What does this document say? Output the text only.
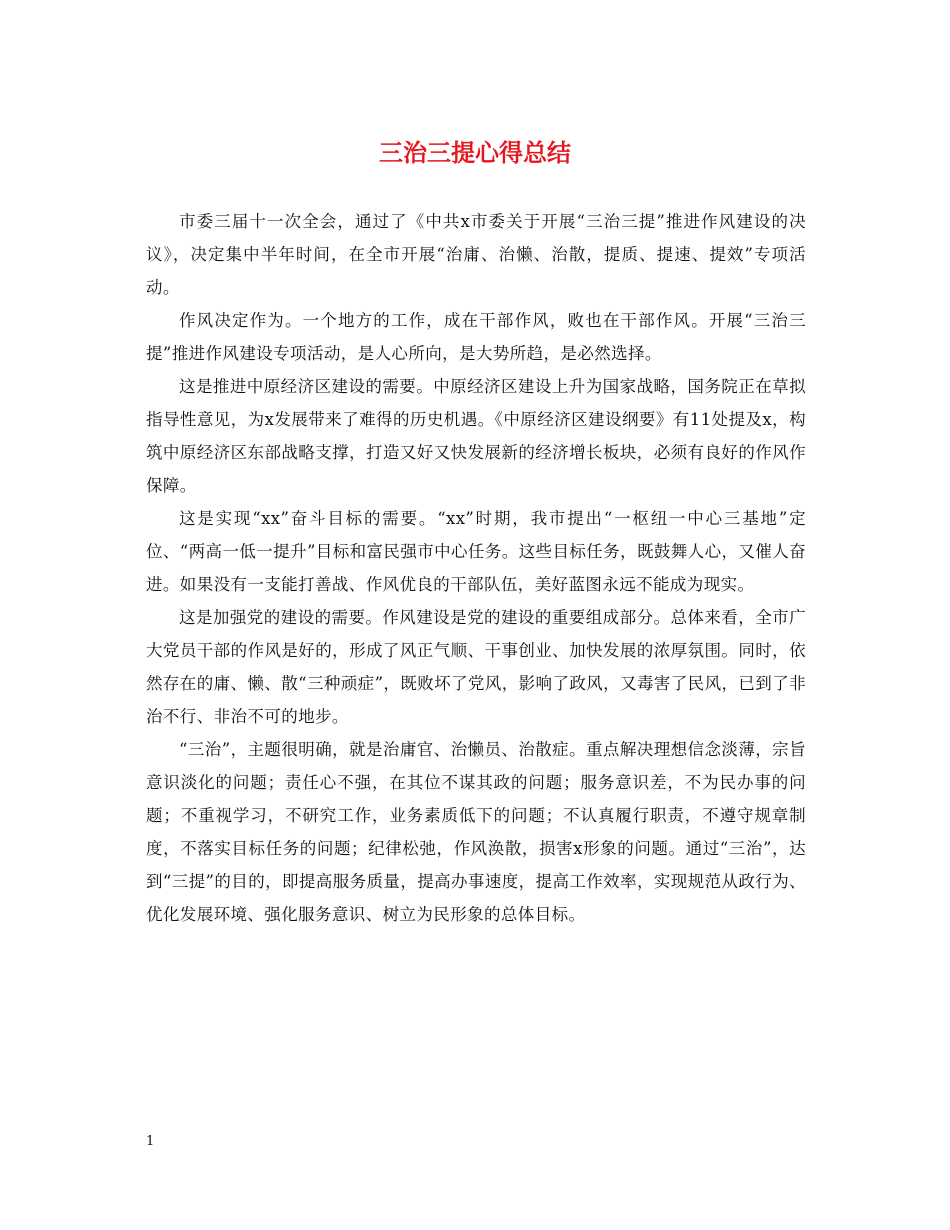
三治三提心得总结

市委三届十一次全会，通过了《中共x市委关于开展“三治三提”推进作风建设的决议》，决定集中半年时间，在全市开展“治庸、治懒、治散，提质、提速、提效”专项活动。

作风决定作为。一个地方的工作，成在干部作风，败也在干部作风。开展“三治三提”推进作风建设专项活动，是人心所向，是大势所趋，是必然选择。

这是推进中原经济区建设的需要。中原经济区建设上升为国家战略，国务院正在草拟指导性意见，为x发展带来了难得的历史机遇。《中原经济区建设纲要》有11处提及x，构筑中原经济区东部战略支撑，打造又好又快发展新的经济增长板块，必须有良好的作风作保障。

这是实现“xx”奋斗目标的需要。“xx”时期，我市提出“一枢纽一中心三基地”定位、“两高一低一提升”目标和富民强市中心任务。这些目标任务，既鼓舞人心，又催人奋进。如果没有一支能打善战、作风优良的干部队伍，美好蓝图永远不能成为现实。

这是加强党的建设的需要。作风建设是党的建设的重要组成部分。总体来看，全市广大党员干部的作风是好的，形成了风正气顺、干事创业、加快发展的浓厚氛围。同时，依然存在的庸、懒、散“三种顽症”，既败坏了党风，影响了政风，又毒害了民风，已到了非治不行、非治不可的地步。

“三治”，主题很明确，就是治庸官、治懒员、治散症。重点解决理想信念淡薄，宗旨意识淡化的问题；责任心不强，在其位不谋其政的问题；服务意识差，不为民办事的问题；不重视学习，不研究工作，业务素质低下的问题；不认真履行职责，不遵守规章制度，不落实目标任务的问题；纪律松弛，作风涣散，损害x形象的问题。通过“三治”，达到“三提”的目的，即提高服务质量，提高办事速度，提高工作效率，实现规范从政行为、优化发展环境、强化服务意识、树立为民形象的总体目标。

1
